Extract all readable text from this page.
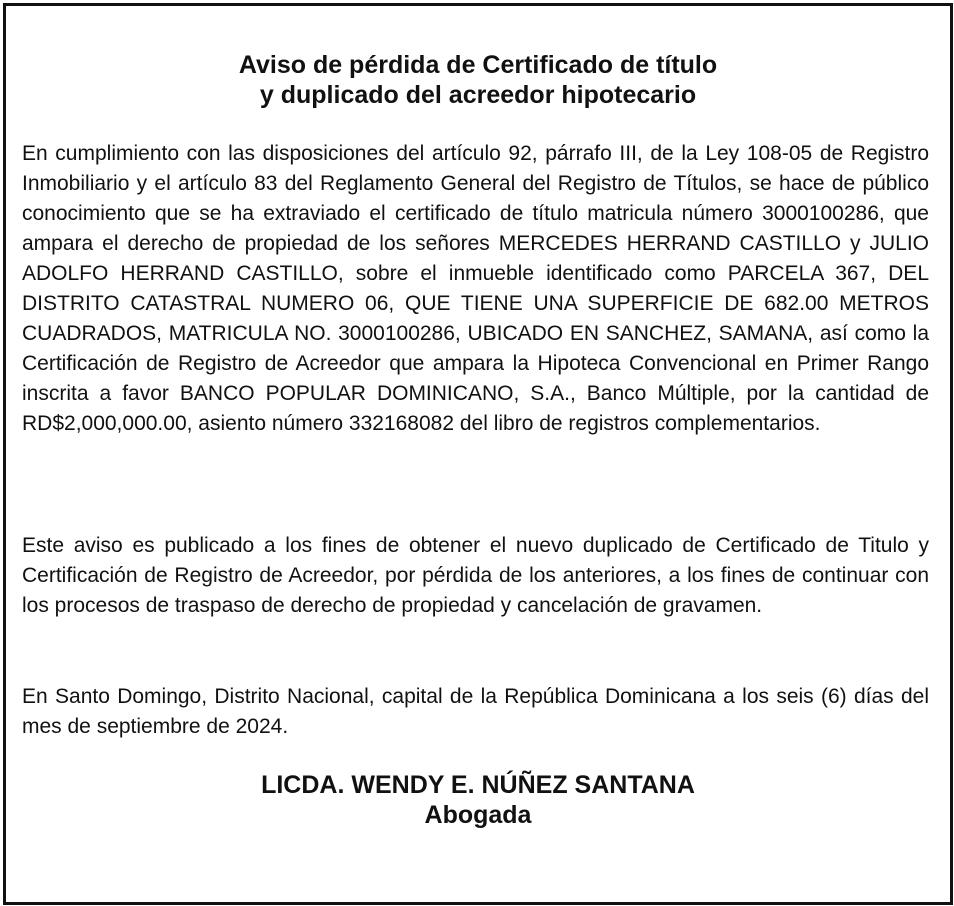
Aviso de pérdida de Certificado de título
y duplicado del acreedor hipotecario

En cumplimiento con las disposiciones del artículo 92, párrafo III, de la Ley 108-05 de Registro Inmobiliario y el artículo 83 del Reglamento General del Registro de Títulos, se hace de público conocimiento que se ha extraviado el certificado de título matricula número 3000100286, que ampara el derecho de propiedad de los señores MERCEDES HERRAND CASTILLO y JULIO ADOLFO HERRAND CASTILLO, sobre el inmueble identificado como PARCELA 367, DEL DISTRITO CATASTRAL NUMERO 06, QUE TIENE UNA SUPERFICIE DE 682.00 METROS CUADRADOS, MATRICULA NO. 3000100286, UBICADO EN SANCHEZ, SAMANA, así como la Certificación de Registro de Acreedor que ampara la Hipoteca Convencional en Primer Rango inscrita a favor BANCO POPULAR DOMINICANO, S.A., Banco Múltiple, por la cantidad de RD$2,000,000.00, asiento número 332168082 del libro de registros complementarios.

Este aviso es publicado a los fines de obtener el nuevo duplicado de Certificado de Titulo y Certificación de Registro de Acreedor, por pérdida de los anteriores, a los fines de continuar con los procesos de traspaso de derecho de propiedad y cancelación de gravamen.

En Santo Domingo, Distrito Nacional, capital de la República Dominicana a los seis (6) días del mes de septiembre de 2024.

LICDA. WENDY E. NÚÑEZ SANTANA
Abogada
